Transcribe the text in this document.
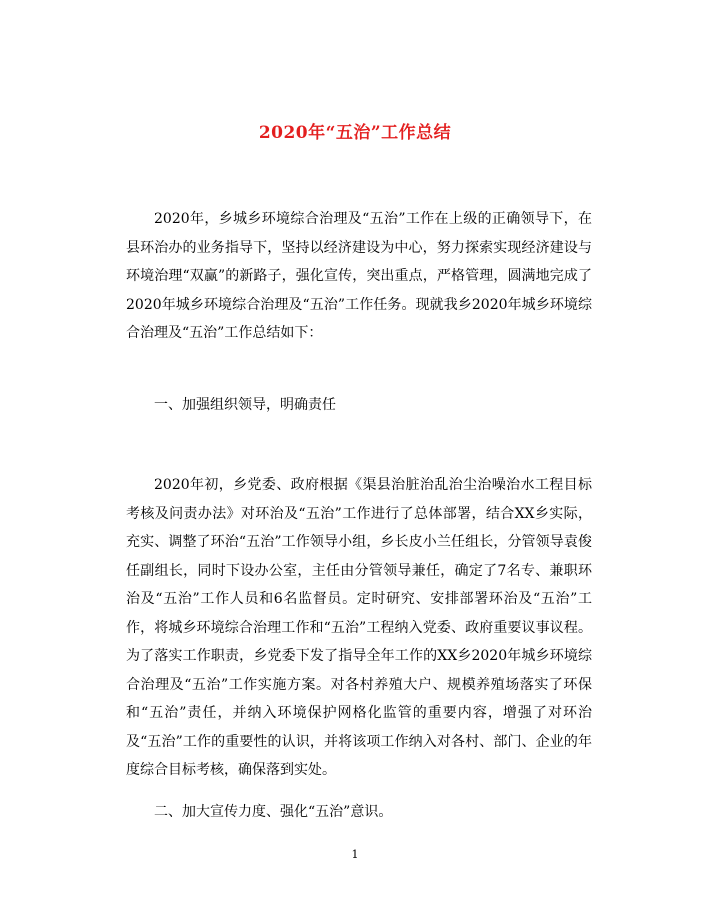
2020年“五治”工作总结
2020年，乡城乡环境综合治理及“五治”工作在上级的正确领导下，在县环治办的业务指导下，坚持以经济建设为中心，努力探索实现经济建设与环境治理“双赢”的新路子，强化宣传，突出重点，严格管理，圆满地完成了2020年城乡环境综合治理及“五治”工作任务。现就我乡2020年城乡环境综合治理及“五治”工作总结如下：
一、加强组织领导，明确责任
2020年初，乡党委、政府根据《渠县治脏治乱治尘治噪治水工程目标考核及问责办法》对环治及“五治”工作进行了总体部署，结合XX乡实际，充实、调整了环治“五治”工作领导小组，乡长皮小兰任组长，分管领导袁俊任副组长，同时下设办公室，主任由分管领导兼任，确定了7名专、兼职环治及“五治”工作人员和6名监督员。定时研究、安排部署环治及“五治”工作，将城乡环境综合治理工作和“五治”工程纳入党委、政府重要议事议程。为了落实工作职责，乡党委下发了指导全年工作的XX乡2020年城乡环境综合治理及“五治”工作实施方案。对各村养殖大户、规模养殖场落实了环保和“五治”责任，并纳入环境保护网格化监管的重要内容，增强了对环治及“五治”工作的重要性的认识，并将该项工作纳入对各村、部门、企业的年度综合目标考核，确保落到实处。
二、加大宣传力度、强化“五治”意识。
1
